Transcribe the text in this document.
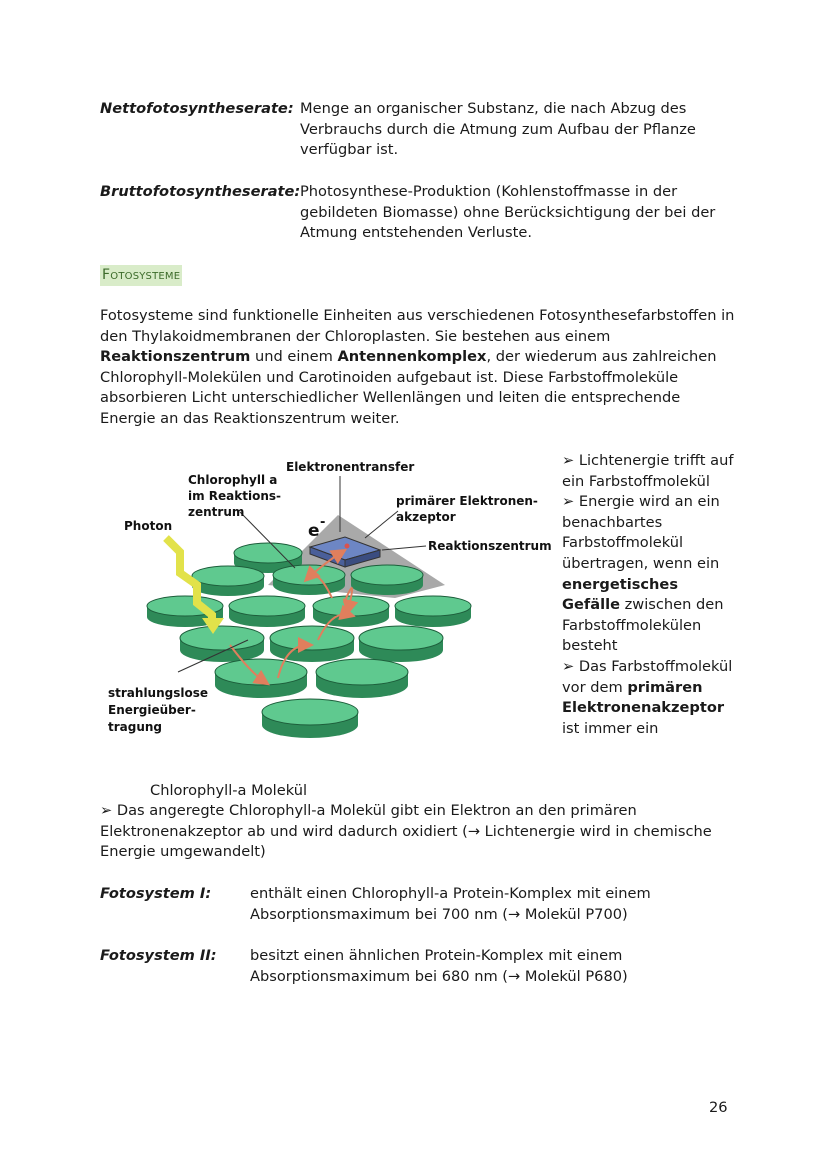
Nettofotosyntheserate: Menge an organischer Substanz, die nach Abzug des Verbrauchs durch die Atmung zum Aufbau der Pflanze verfügbar ist.
Bruttofotosyntheserate: Photosynthese-Produktion (Kohlenstoffmasse in der gebildeten Biomasse) ohne Berücksichtigung der bei der Atmung entstehenden Verluste.
Fotosysteme
Fotosysteme sind funktionelle Einheiten aus verschiedenen Fotosynthesefarbstoffen in den Thylakoidmembranen der Chloroplasten. Sie bestehen aus einem Reaktionszentrum und einem Antennenkomplex, der wiederum aus zahlreichen Chlorophyll-Molekülen und Carotinoiden aufgebaut ist. Diese Farbstoffmoleküle absorbieren Licht unterschiedlicher Wellenlängen und leiten die entsprechende Energie an das Reaktionszentrum weiter.
Photon
Chlorophyll a
im Reaktions-
zentrum
Elektronentransfer
e -
primärer Elektronen-
akzeptor
Reaktionszentrum
strahlungslose
Energieüber-
tragung
➢ Lichtenergie trifft auf ein Farbstoffmolekül
➢ Energie wird an ein benachbartes Farbstoffmolekül übertragen, wenn ein energetisches Gefälle zwischen den Farbstoffmolekülen besteht
➢ Das Farbstoffmolekül vor dem primären Elektronenakzeptor ist immer ein
Chlorophyll-a Molekül
➢ Das angeregte Chlorophyll-a Molekül gibt ein Elektron an den primären Elektronenakzeptor ab und wird dadurch oxidiert (→ Lichtenergie wird in chemische Energie umgewandelt)
Fotosystem I:	enthält einen Chlorophyll-a Protein-Komplex mit einem Absorptionsmaximum bei 700 nm (→ Molekül P700)
Fotosystem II: besitzt einen ähnlichen Protein-Komplex mit einem Absorptionsmaximum bei 680 nm (→ Molekül P680)
26
